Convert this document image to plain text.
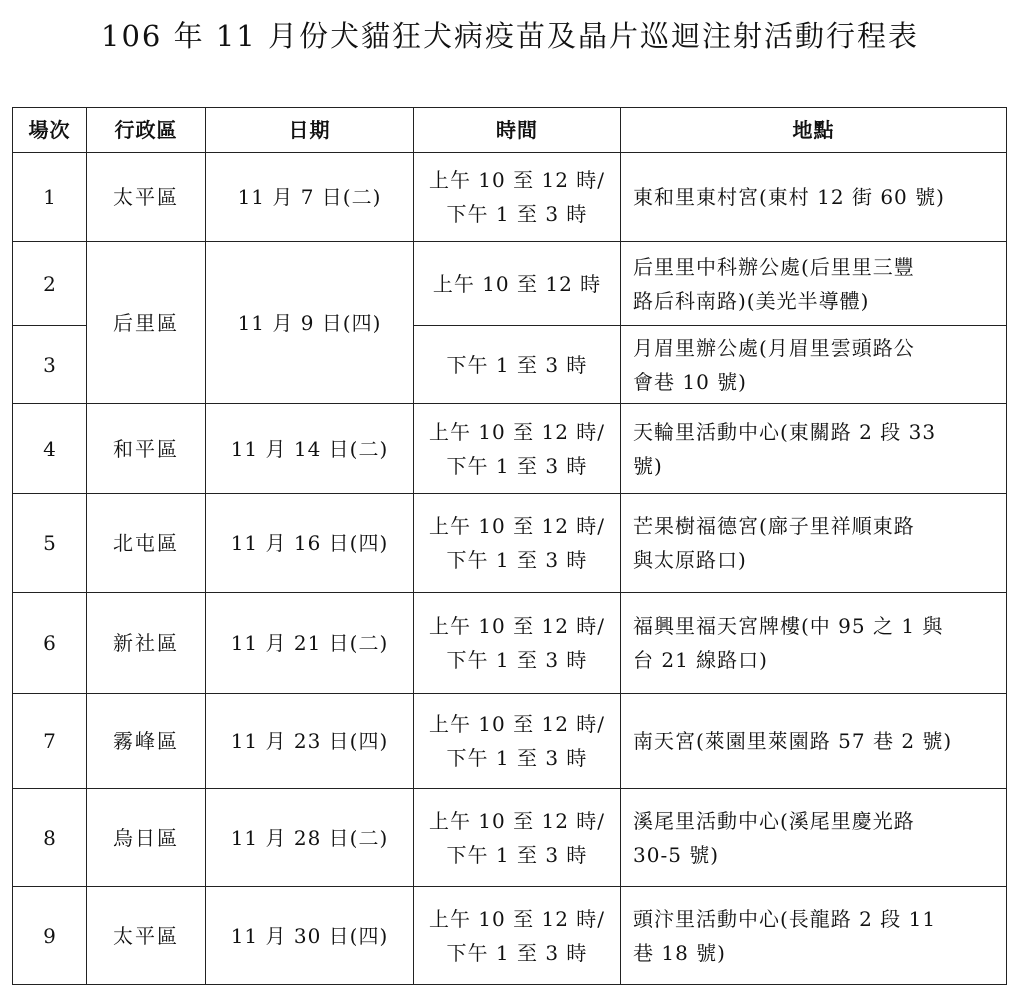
106 年 11 月份犬貓狂犬病疫苗及晶片巡迴注射活動行程表
場次	行政區	日期	時間	地點
1	太平區	11 月 7 日(二)	上午 10 至 12 時/
下午 1 至 3 時	東和里東村宮(東村 12 街 60 號)

2	后里區	11 月 9 日(四)	上午 10 至 12 時	后里里中科辦公處(后里里三豐
路后科南路)(美光半導體)

3			下午 1 至 3 時	月眉里辦公處(月眉里雲頭路公
會巷 10 號)

4	和平區	11 月 14 日(二)	上午 10 至 12 時/
下午 1 至 3 時	天輪里活動中心(東關路 2 段 33
號)

5	北屯區	11 月 16 日(四)	上午 10 至 12 時/
下午 1 至 3 時	芒果樹福德宮(廍子里祥順東路
與太原路口)

6	新社區	11 月 21 日(二)	上午 10 至 12 時/
下午 1 至 3 時	福興里福天宮牌樓(中 95 之 1 與
台 21 線路口)

7	霧峰區	11 月 23 日(四)	上午 10 至 12 時/
下午 1 至 3 時	南天宮(萊園里萊園路 57 巷 2 號)

8	烏日區	11 月 28 日(二)	上午 10 至 12 時/
下午 1 至 3 時	溪尾里活動中心(溪尾里慶光路
30-5 號)

9	太平區	11 月 30 日(四)	上午 10 至 12 時/
下午 1 至 3 時	頭汴里活動中心(長龍路 2 段 11
巷 18 號)
